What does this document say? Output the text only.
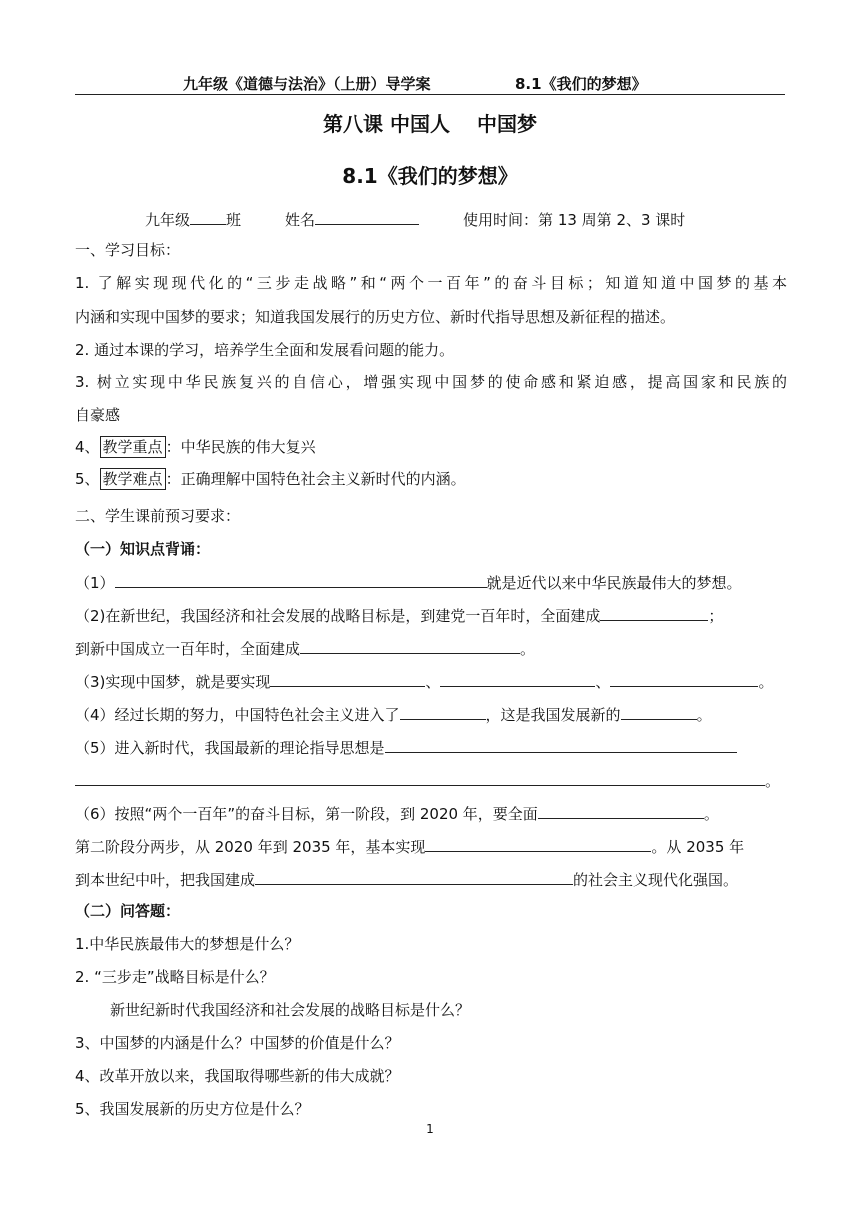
九年级《道德与法治》（上册）导学案	8.1《我们的梦想》
第八课 中国人　 中国梦
8.1《我们的梦想》
九年级 班	姓名	使用时间：第 13 周第 2、3 课时
一、学习目标：
1. 了解实现现代化的“三步走战略”和“两个一百年”的奋斗目标；知道知道中国梦的基本
内涵和实现中国梦的要求；知道我国发展行的历史方位、新时代指导思想及新征程的描述。
2. 通过本课的学习，培养学生全面和发展看问题的能力。
3. 树立实现中华民族复兴的自信心，增强实现中国梦的使命感和紧迫感，提高国家和民族的
自豪感
4、 教学重点 ：中华民族的伟大复兴
5、 教学难点 ：正确理解中国特色社会主义新时代的内涵。
二、学生课前预习要求：
（一）知识点背诵：
（1）	就是近代以来中华民族最伟大的梦想。
（2)在新世纪，我国经济和社会发展的战略目标是，到建党一百年时，全面建成	；
到新中国成立一百年时，全面建成	。
（3)实现中国梦，就是要实现	、	、	。
（4）经过长期的努力，中国特色社会主义进入了	，这是我国发展新的	。
（5）进入新时代，我国最新的理论指导思想是
。
（6）按照“两个一百年”的奋斗目标，第一阶段，到 2020 年，要全面	。
第二阶段分两步，从 2020 年到 2035 年，基本实现	。从 2035 年
到本世纪中叶，把我国建成	的社会主义现代化强国。
（二）问答题：
1.中华民族最伟大的梦想是什么？
2. “三步走”战略目标是什么？
新世纪新时代我国经济和社会发展的战略目标是什么？
3、中国梦的内涵是什么？中国梦的价值是什么？
4、改革开放以来，我国取得哪些新的伟大成就？
5、我国发展新的历史方位是什么？
1
